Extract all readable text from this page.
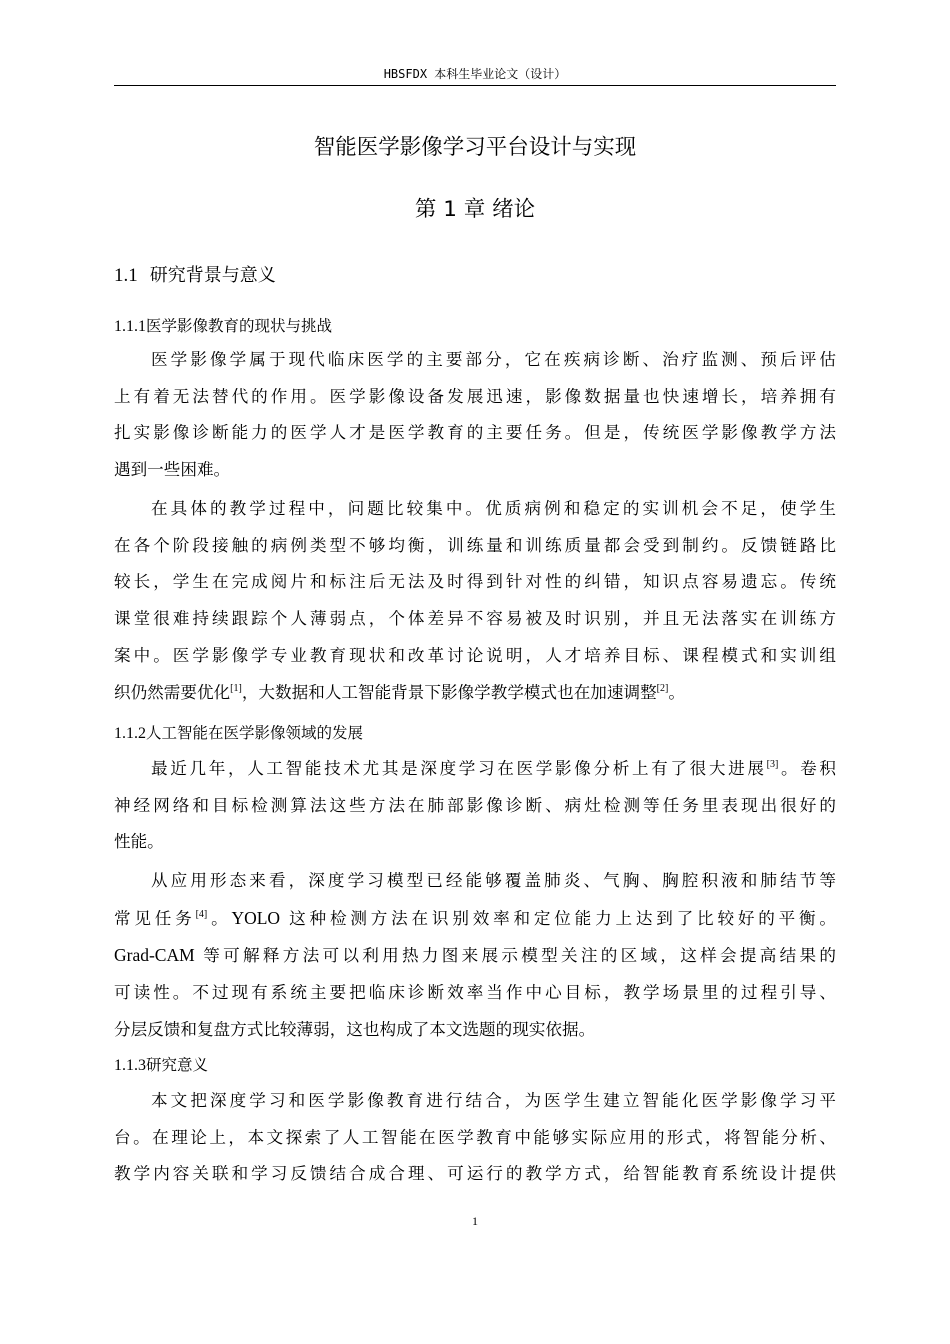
HBSFDX 本科生毕业论文（设计）
智能医学影像学习平台设计与实现
第 1 章 绪论
1.1 研究背景与意义
1.1.1医学影像教育的现状与挑战
医学影像学属于现代临床医学的主要部分，它在疾病诊断、治疗监测、预后评估
上有着无法替代的作用。医学影像设备发展迅速，影像数据量也快速增长，培养拥有
扎实影像诊断能力的医学人才是医学教育的主要任务。但是，传统医学影像教学方法
遇到一些困难。
在具体的教学过程中，问题比较集中。优质病例和稳定的实训机会不足，使学生
在各个阶段接触的病例类型不够均衡，训练量和训练质量都会受到制约。反馈链路比
较长，学生在完成阅片和标注后无法及时得到针对性的纠错，知识点容易遗忘。传统
课堂很难持续跟踪个人薄弱点，个体差异不容易被及时识别，并且无法落实在训练方
案中。医学影像学专业教育现状和改革讨论说明，人才培养目标、课程模式和实训组
织仍然需要优化[1]，大数据和人工智能背景下影像学教学模式也在加速调整[2]。
1.1.2人工智能在医学影像领域的发展
最近几年，人工智能技术尤其是深度学习在医学影像分析上有了很大进展[3]。卷积
神经网络和目标检测算法这些方法在肺部影像诊断、病灶检测等任务里表现出很好的
性能。
从应用形态来看，深度学习模型已经能够覆盖肺炎、气胸、胸腔积液和肺结节等
常见任务[4]。YOLO 这种检测方法在识别效率和定位能力上达到了比较好的平衡。
Grad-CAM 等可解释方法可以利用热力图来展示模型关注的区域，这样会提高结果的
可读性。不过现有系统主要把临床诊断效率当作中心目标，教学场景里的过程引导、
分层反馈和复盘方式比较薄弱，这也构成了本文选题的现实依据。
1.1.3研究意义
本文把深度学习和医学影像教育进行结合，为医学生建立智能化医学影像学习平
台。在理论上，本文探索了人工智能在医学教育中能够实际应用的形式，将智能分析、
教学内容关联和学习反馈结合成合理、可运行的教学方式，给智能教育系统设计提供
1
